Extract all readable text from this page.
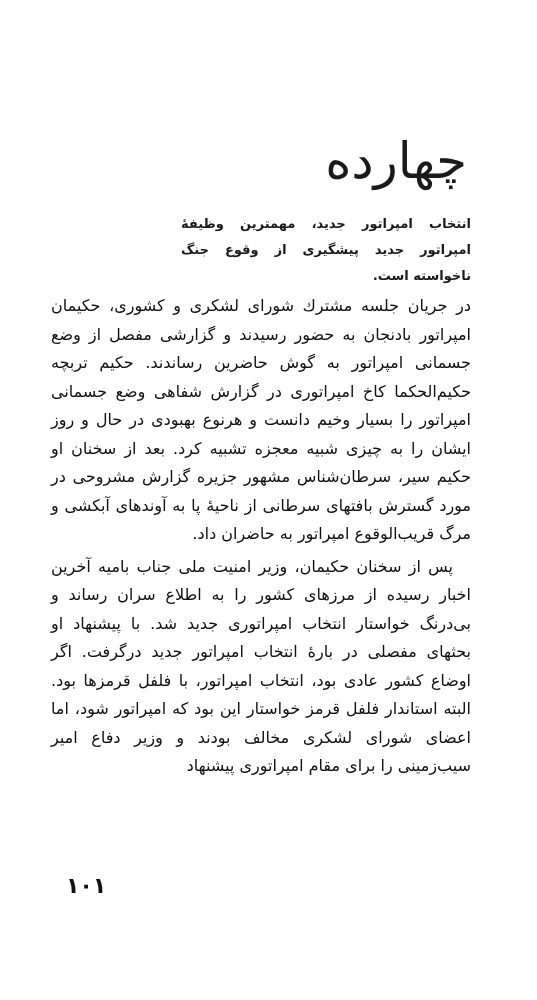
چهارده

انتخاب امپراتور جدید، مهمترین وظیفهٔ امپراتور جدید پیشگیری از وقوع جنگ ناخواسته است.

در جریان جلسه مشترك شورای لشکری و کشوری، حکیمان امپراتور بادنجان به حضور رسیدند و گزارشی مفصل از وضع جسمانی امپراتور به گوش حاضرین رساندند. حکیم تربچه حکیم‌الحکما کاخ امپراتوری در گزارش شفاهی وضع جسمانی امپراتور را بسیار وخیم دانست و هرنوع بهبودی در حال و روز ایشان را به چیزی شبیه معجزه تشبیه کرد. بعد از سخنان او حکیم سیر، سرطان‌شناس مشهور جزیره گزارش مشروحی در مورد گسترش بافتهای سرطانی از ناحیهٔ پا به آوندهای آبکشی و مرگ قریب‌الوقوع امپراتور به حاضران داد.

پس از سخنان حکیمان، وزیر امنیت ملی جناب بامیه آخرین اخبار رسیده از مرزهای کشور را به اطلاع سران رساند و بی‌درنگ خواستار انتخاب امپراتوری جدید شد. با پیشنهاد او بحثهای مفصلی در بارهٔ انتخاب امپراتور جدید درگرفت. اگر اوضاع کشور عادی بود، انتخاب امپراتور، با فلفل قرمزها بود. البته استاندار فلفل قرمز خواستار این بود که امپراتور شود، اما اعضای شورای لشکری مخالف بودند و وزیر دفاع امیر سیب‌زمینی را برای مقام امپراتوری پیشنهاد

۱۰۱
